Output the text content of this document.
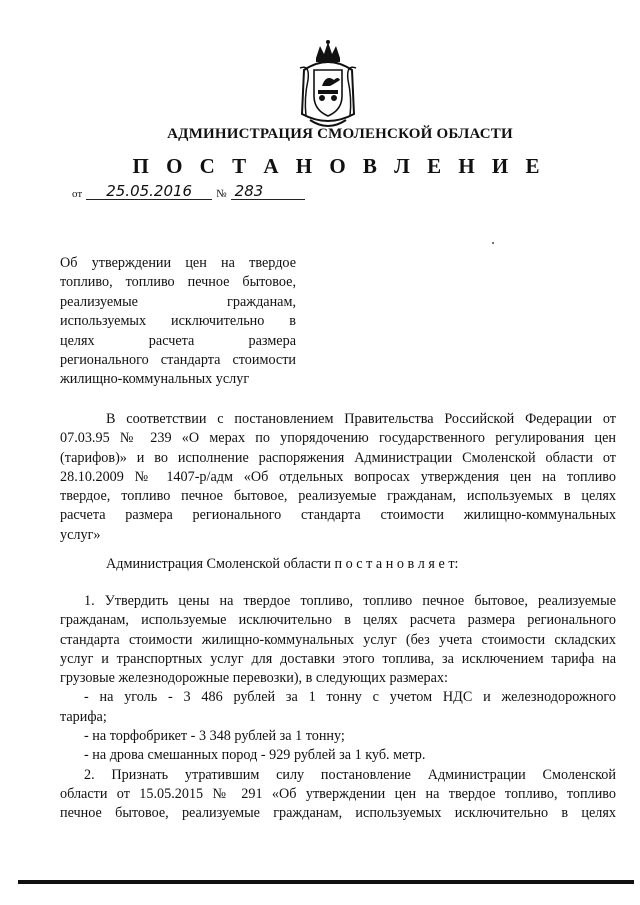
АДМИНИСТРАЦИЯ СМОЛЕНСКОЙ ОБЛАСТИ
П О С Т А Н О В Л Е Н И Е
от	25.05.2016	№ 283
Об утверждении цен на твердое
топливо, топливо печное бытовое,
реализуемые гражданам,
используемых исключительно в
целях расчета размера
регионального стандарта стоимости
жилищно-коммунальных услуг
В соответствии с постановлением Правительства Российской Федерации от
07.03.95 № 239 «О мерах по упорядочению государственного регулирования цен
(тарифов)» и во исполнение распоряжения Администрации Смоленской области от
28.10.2009 № 1407-р/адм «Об отдельных вопросах утверждения цен на топливо
твердое, топливо печное бытовое, реализуемые гражданам, используемых в целях
расчета размера регионального стандарта стоимости жилищно-коммунальных
услуг»
Администрация Смоленской области п о с т а н о в л я е т:
1. Утвердить цены на твердое топливо, топливо печное бытовое, реализуемые
гражданам, используемые исключительно в целях расчета размера регионального
стандарта стоимости жилищно-коммунальных услуг (без учета стоимости складских
услуг и транспортных услуг для доставки этого топлива, за исключением тарифа на
грузовые железнодорожные перевозки), в следующих размерах:
- на уголь - 3 486 рублей за 1 тонну с учетом НДС и железнодорожного
тарифа;
- на торфобрикет - 3 348 рублей за 1 тонну;
- на дрова смешанных пород - 929 рублей за 1 куб. метр.
2. Признать утратившим силу постановление Администрации Смоленской
области от 15.05.2015 № 291 «Об утверждении цен на твердое топливо, топливо
печное бытовое, реализуемые гражданам, используемых исключительно в целях
